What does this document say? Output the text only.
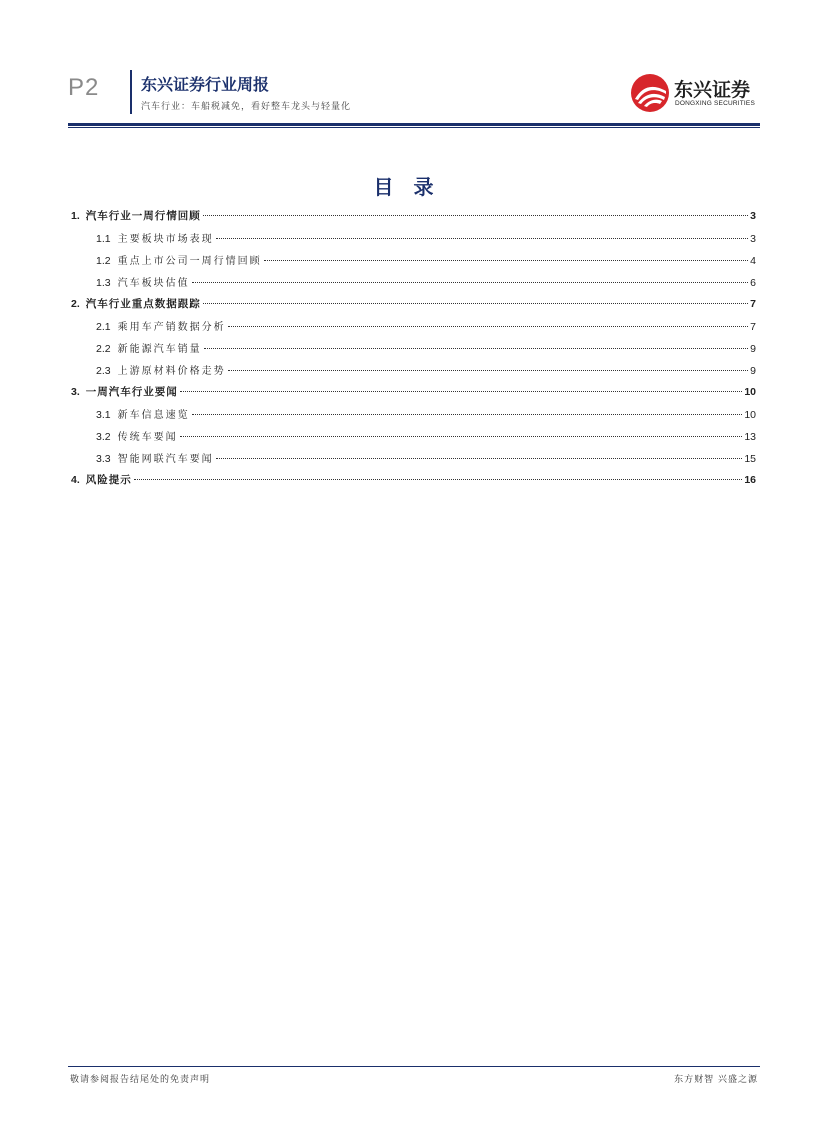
P2	东兴证券行业周报
汽车行业：车船税减免，看好整车龙头与轻量化
东兴证券
DONGXING SECURITIES
目录
1. 汽车行业一周行情回顾	3
1.1 主要板块市场表现	3
1.2 重点上市公司一周行情回顾	4
1.3 汽车板块估值	6
2. 汽车行业重点数据跟踪	7
2.1 乘用车产销数据分析	7
2.2 新能源汽车销量	9
2.3 上游原材料价格走势	9
3. 一周汽车行业要闻	10
3.1 新车信息速览	10
3.2 传统车要闻	13
3.3 智能网联汽车要闻	15
4. 风险提示	16
敬请参阅报告结尾处的免责声明	东方财智 兴盛之源
